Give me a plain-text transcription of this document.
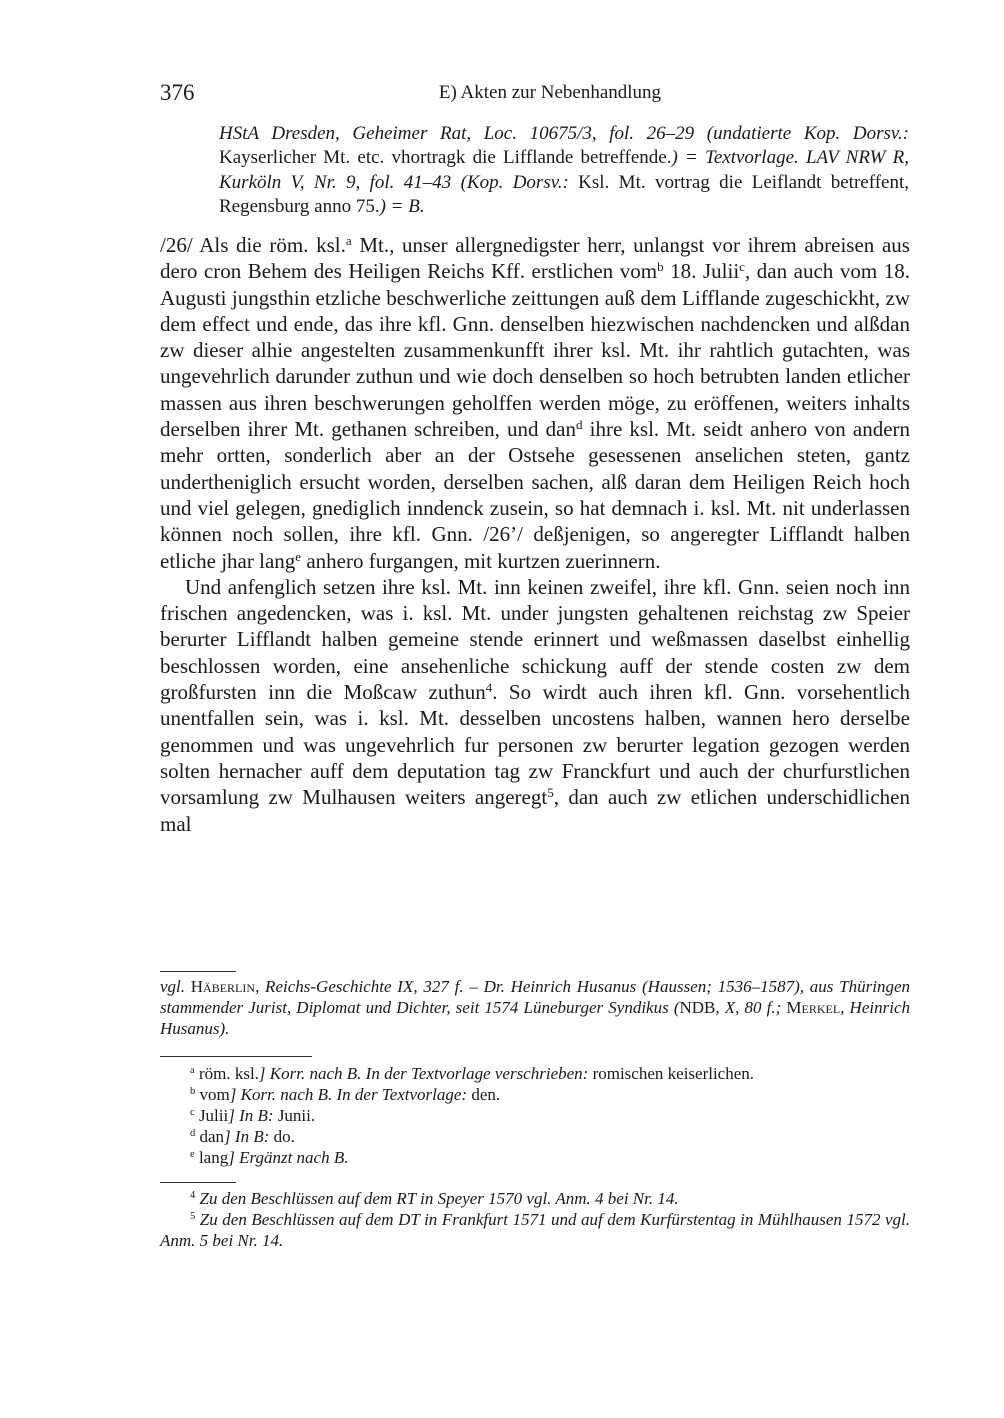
376	E) Akten zur Nebenhandlung
HStA Dresden, Geheimer Rat, Loc. 10675/3, fol. 26–29 (undatierte Kop. Dorsv.: Kayserlicher Mt. etc. vhortragk die Lifflande betreffende.) = Textvorlage. LAV NRW R, Kurköln V, Nr. 9, fol. 41–43 (Kop. Dorsv.: Ksl. Mt. vortrag die Leiflandt betreffent, Regensburg anno 75.) = B.

/26/ Als die röm. ksl.$^a$ Mt., unser allergnedigster herr, unlangst vor ihrem abreisen aus dero cron Behem des Heiligen Reichs Kff. erstlichen vom$^b$ 18. Julii$^c$, dan auch vom 18. Augusti jungsthin etzliche beschwerliche zeittungen auß dem Lifflande zugeschickht, zw dem effect und ende, das ihre kfl. Gnn. denselben hiezwischen nachdencken und alßdan zw dieser alhie angestelten zusammenkunfft ihrer ksl. Mt. ihr rahtlich gutachten, was ungevehrlich darunder zuthun und wie doch denselben so hoch betrubten landen etlicher massen aus ihren beschwerungen geholffen werden möge, zu eröffenen, weiters inhalts derselben ihrer Mt. gethanen schreiben, und dan$^d$ ihre ksl. Mt. seidt anhero von andern mehr ortten, sonderlich aber an der Ostsehe gesessenen anselichen steten, gantz undertheniglich ersucht worden, derselben sachen, alß daran dem Heiligen Reich hoch und viel gelegen, gnediglich inndenck zusein, so hat demnach i. ksl. Mt. nit underlassen können noch sollen, ihre kfl. Gnn. /26’/ deßjenigen, so angeregter Lifflandt halben etliche jhar lang$^e$ anhero furgangen, mit kurtzen zuerinnern.

Und anfenglich setzen ihre ksl. Mt. inn keinen zweifel, ihre kfl. Gnn. seien noch inn frischen angedencken, was i. ksl. Mt. under jungsten gehaltenen reichstag zw Speier berurter Lifflandt halben gemeine stende erinnert und weßmassen daselbst einhellig beschlossen worden, eine ansehenliche schickung auff der stende costen zw dem großfursten inn die Moßcaw zuthun$^4$. So wirdt auch ihren kfl. Gnn. vorsehentlich unentfallen sein, was i. ksl. Mt. desselben uncostens halben, wannen hero derselbe genommen und was ungevehrlich fur personen zw berurter legation gezogen werden solten hernacher auff dem deputation tag zw Franckfurt und auch der churfurstlichen vorsamlung zw Mulhausen weiters angeregt$^5$, dan auch zw etlichen underschidlichen mal

vgl. Häberlin, Reichs-Geschichte IX, 327 f. – Dr. Heinrich Husanus (Haussen; 1536–1587), aus Thüringen stammender Jurist, Diplomat und Dichter, seit 1574 Lüneburger Syndikus (NDB, X, 80 f.; Merkel, Heinrich Husanus).

$^a$ röm. ksl.] Korr. nach B. In der Textvorlage verschrieben: romischen keiserlichen.

$^b$ vom] Korr. nach B. In der Textvorlage: den.

$^c$ Julii] In B: Junii.

$^d$ dan] In B: do.

$^e$ lang] Ergänzt nach B.

$^4$ Zu den Beschlüssen auf dem RT in Speyer 1570 vgl. Anm. 4 bei Nr. 14.

$^5$ Zu den Beschlüssen auf dem DT in Frankfurt 1571 und auf dem Kurfürstentag in Mühlhausen 1572 vgl. Anm. 5 bei Nr. 14.
